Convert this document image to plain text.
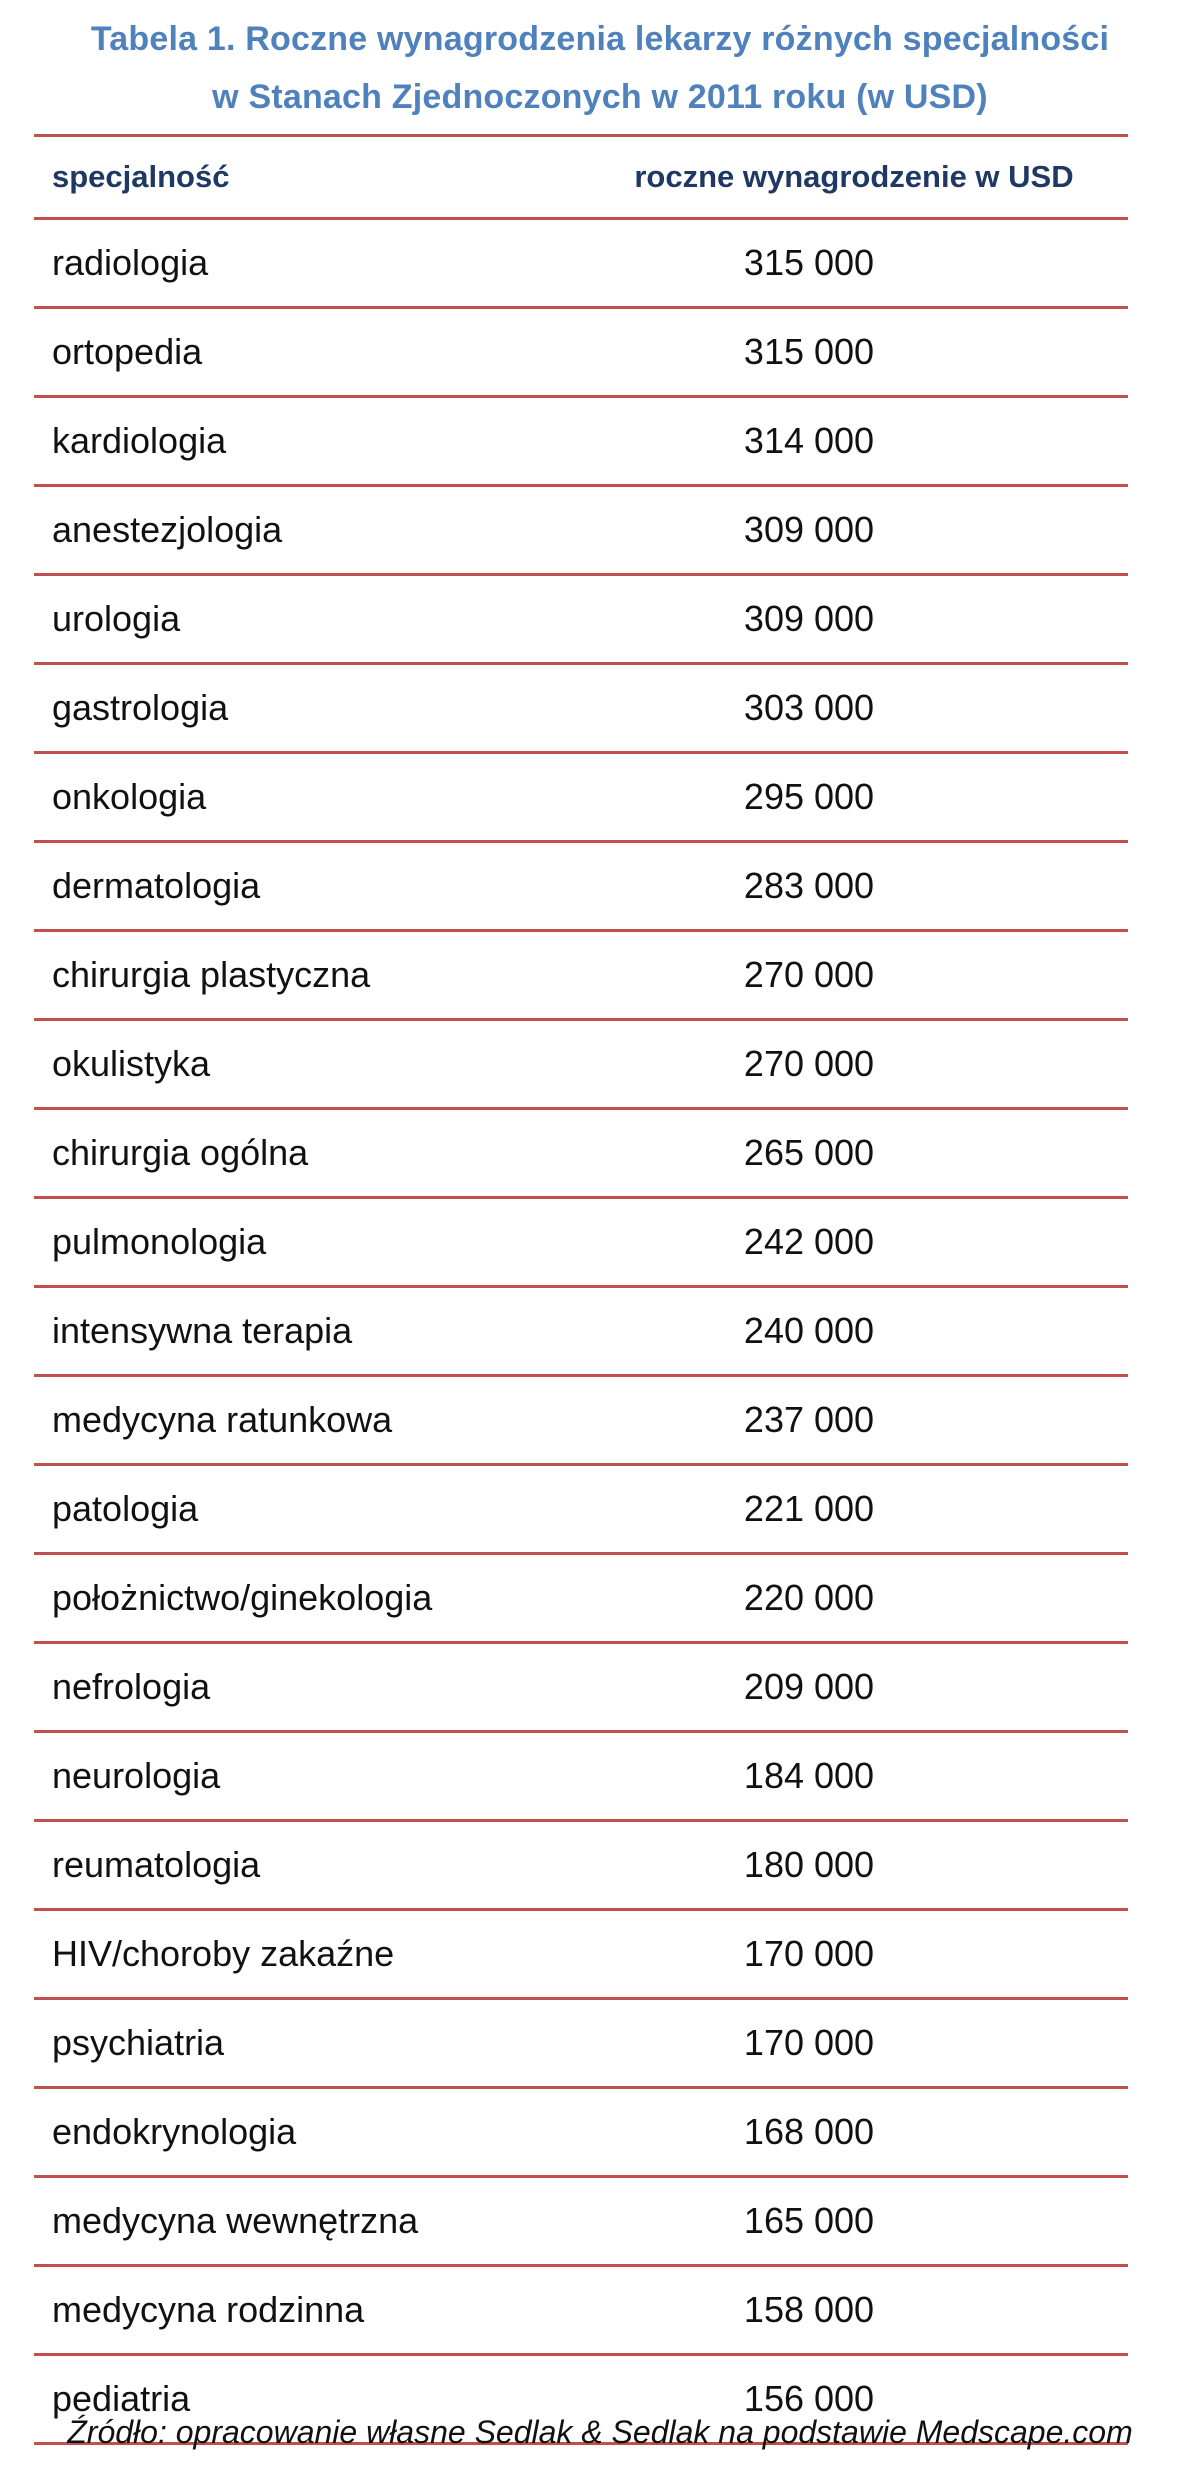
Tabela 1. Roczne wynagrodzenia lekarzy różnych specjalności
w Stanach Zjednoczonych w 2011 roku (w USD)
specjalność	roczne wynagrodzenie w USD
radiologia	315 000
ortopedia	315 000
kardiologia	314 000
anestezjologia	309 000
urologia	309 000
gastrologia	303 000
onkologia	295 000
dermatologia	283 000
chirurgia plastyczna	270 000
okulistyka	270 000
chirurgia ogólna	265 000
pulmonologia	242 000
intensywna terapia	240 000
medycyna ratunkowa	237 000
patologia	221 000
położnictwo/ginekologia	220 000
nefrologia	209 000
neurologia	184 000
reumatologia	180 000
HIV/choroby zakaźne	170 000
psychiatria	170 000
endokrynologia	168 000
medycyna wewnętrzna	165 000
medycyna rodzinna	158 000
pediatria	156 000
Źródło: opracowanie własne Sedlak & Sedlak na podstawie Medscape.com
